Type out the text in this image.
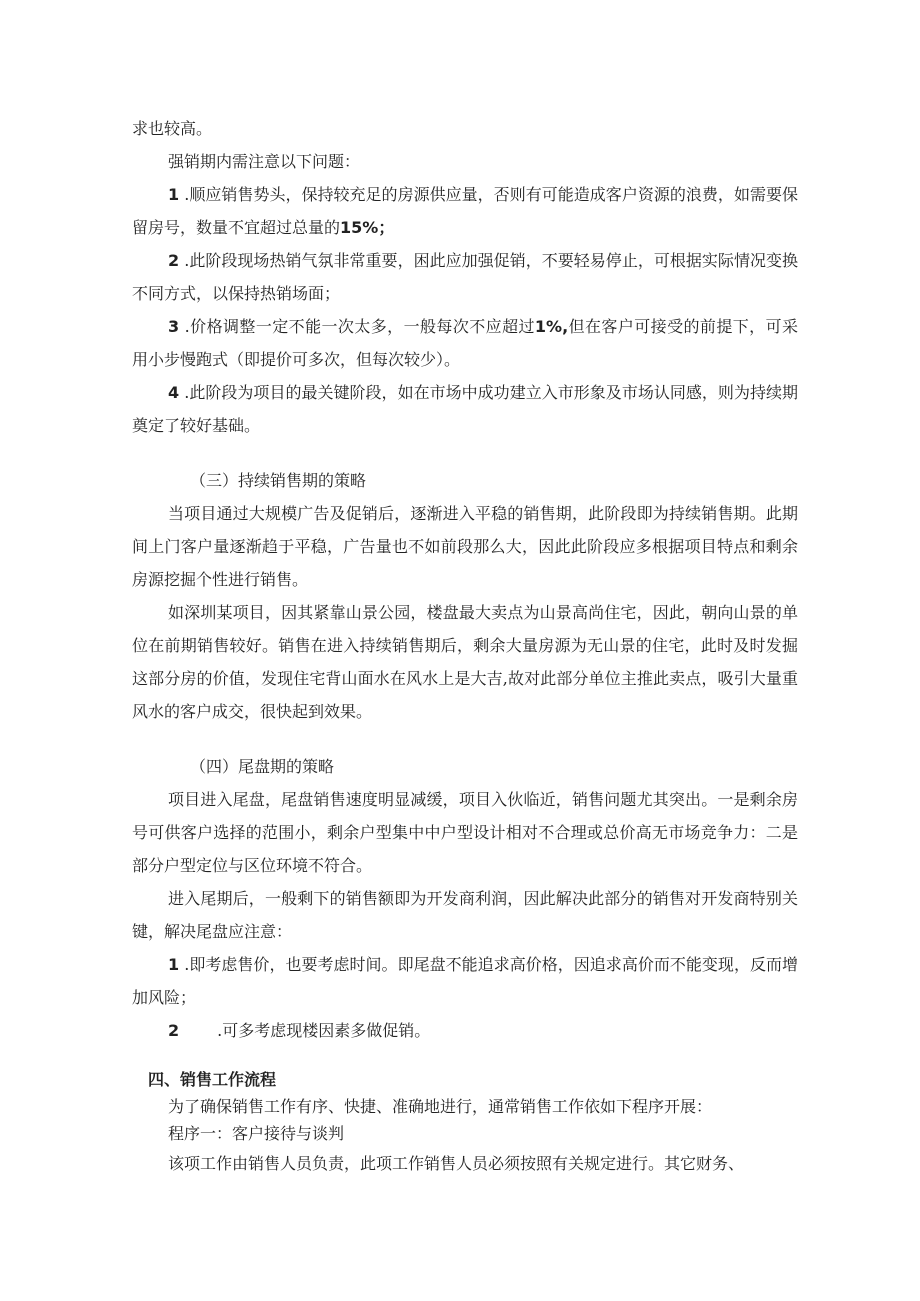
求也较高。

强销期内需注意以下问题：

1 .顺应销售势头，保持较充足的房源供应量，否则有可能造成客户资源的浪费，如需要保留房号，数量不宜超过总量的15%；

2 .此阶段现场热销气氛非常重要，困此应加强促销，不要轻易停止，可根据实际情况变换不同方式，以保持热销场面；

3 .价格调整一定不能一次太多，一般每次不应超过1%,但在客户可接受的前提下，可采用小步慢跑式（即提价可多次，但每次较少）。

4 .此阶段为项目的最关键阶段，如在市场中成功建立入市形象及市场认同感，则为持续期奠定了较好基础。

（三）持续销售期的策略

当项目通过大规模广告及促销后，逐渐进入平稳的销售期，此阶段即为持续销售期。此期间上门客户量逐渐趋于平稳，广告量也不如前段那么大，因此此阶段应多根据项目特点和剩余房源挖掘个性进行销售。

如深圳某项目，因其紧靠山景公园，楼盘最大卖点为山景高尚住宅，因此，朝向山景的单位在前期销售较好。销售在进入持续销售期后，剩余大量房源为无山景的住宅，此时及时发掘这部分房的价值，发现住宅背山面水在风水上是大吉,故对此部分单位主推此卖点，吸引大量重风水的客户成交，很快起到效果。

（四）尾盘期的策略

项目进入尾盘，尾盘销售速度明显减缓，项目入伙临近，销售问题尤其突出。一是剩余房号可供客户选择的范围小，剩余户型集中中户型设计相对不合理或总价高无市场竞争力：二是部分户型定位与区位环境不符合。

进入尾期后，一般剩下的销售额即为开发商利润，因此解决此部分的销售对开发商特别关键，解决尾盘应注意：

1 .即考虑售价，也要考虑时间。即尾盘不能追求高价格，因追求高价而不能变现，反而增加风险；

2 .可多考虑现楼因素多做促销。

四、销售工作流程

为了确保销售工作有序、快捷、准确地进行，通常销售工作依如下程序开展：

程序一：客户接待与谈判

该项工作由销售人员负责，此项工作销售人员必须按照有关规定进行。其它财务、
